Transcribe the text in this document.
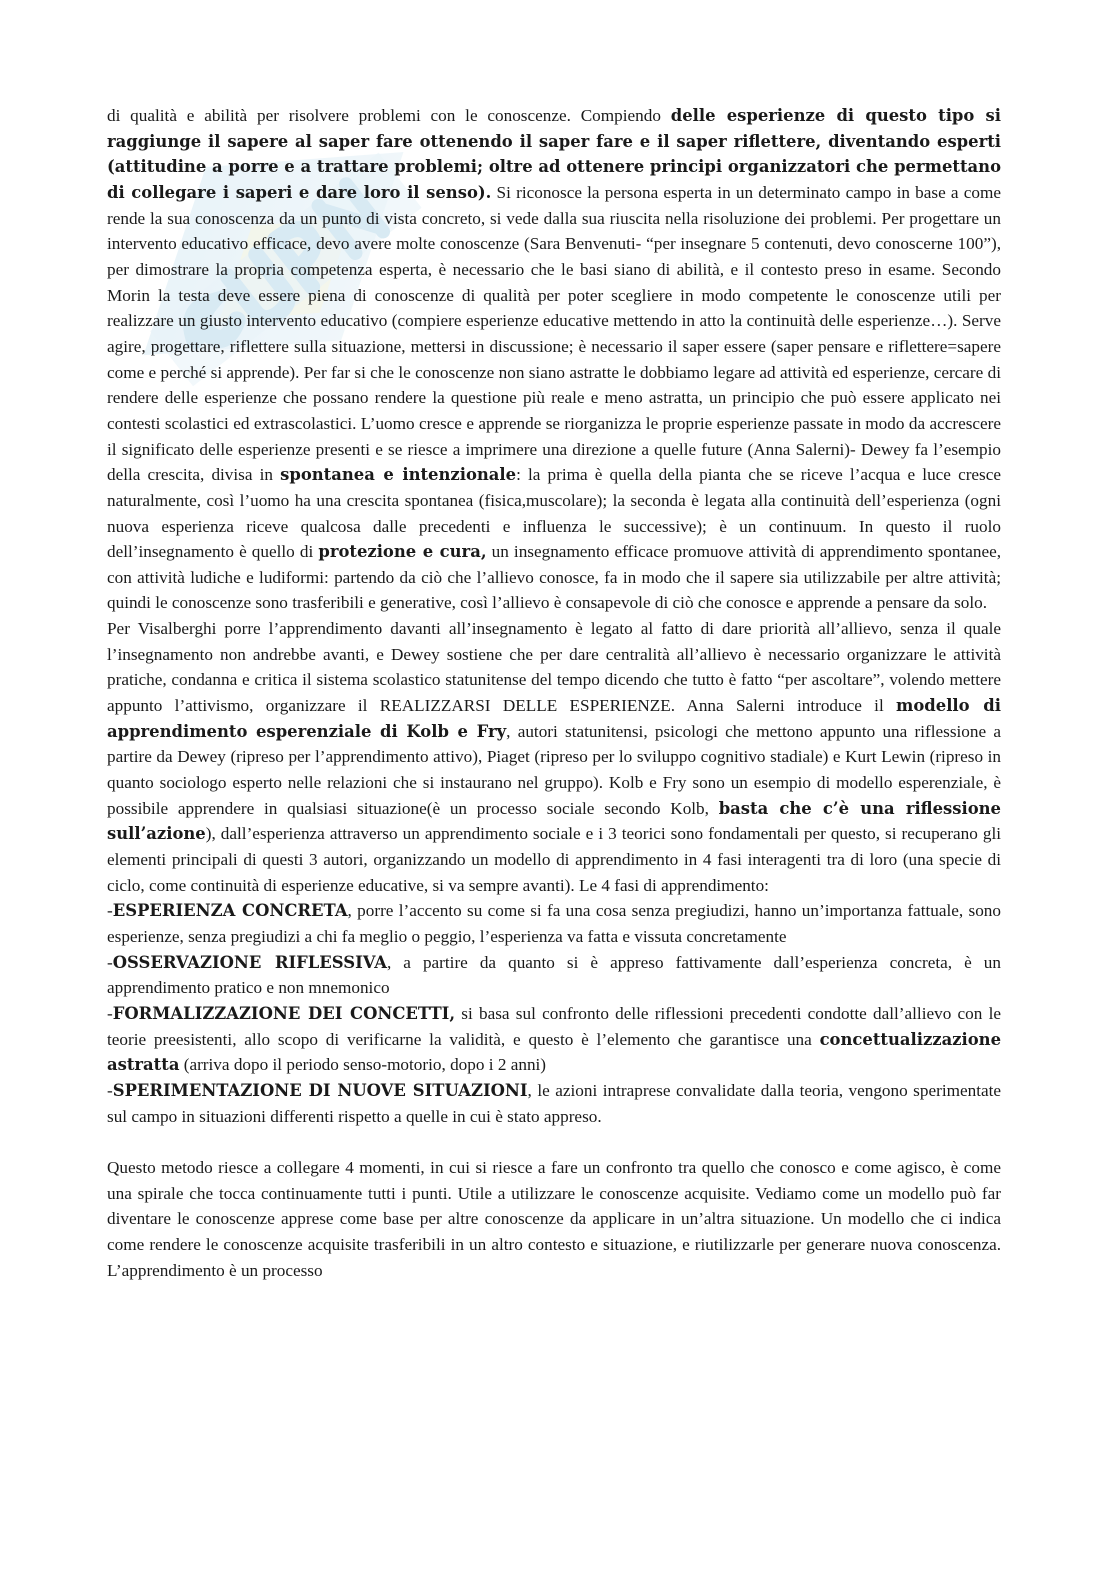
di qualità e abilità per risolvere problemi con le conoscenze. Compiendo delle esperienze di questo tipo si raggiunge il sapere al saper fare ottenendo il saper fare e il saper riflettere, diventando esperti (attitudine a porre e a trattare problemi; oltre ad ottenere principi organizzatori che permettano di collegare i saperi e dare loro il senso). Si riconosce la persona esperta in un determinato campo in base a come rende la sua conoscenza da un punto di vista concreto, si vede dalla sua riuscita nella risoluzione dei problemi. Per progettare un intervento educativo efficace, devo avere molte conoscenze (Sara Benvenuti- “per insegnare 5 contenuti, devo conoscerne 100”), per dimostrare la propria competenza esperta, è necessario che le basi siano di abilità, e il contesto preso in esame. Secondo Morin la testa deve essere piena di conoscenze di qualità per poter scegliere in modo competente le conoscenze utili per realizzare un giusto intervento educativo (compiere esperienze educative mettendo in atto la continuità delle esperienze…). Serve agire, progettare, riflettere sulla situazione, mettersi in discussione; è necessario il saper essere (saper pensare e riflettere=sapere come e perché si apprende). Per far si che le conoscenze non siano astratte le dobbiamo legare ad attività ed esperienze, cercare di rendere delle esperienze che possano rendere la questione più reale e meno astratta, un principio che può essere applicato nei contesti scolastici ed extrascolastici. L’uomo cresce e apprende se riorganizza le proprie esperienze passate in modo da accrescere il significato delle esperienze presenti e se riesce a imprimere una direzione a quelle future (Anna Salerni)- Dewey fa l’esempio della crescita, divisa in spontanea e intenzionale: la prima è quella della pianta che se riceve l’acqua e luce cresce naturalmente, così l’uomo ha una crescita spontanea (fisica,muscolare); la seconda è legata alla continuità dell’esperienza (ogni nuova esperienza riceve qualcosa dalle precedenti e influenza le successive); è un continuum. In questo il ruolo dell’insegnamento è quello di protezione e cura, un insegnamento efficace promuove attività di apprendimento spontanee, con attività ludiche e ludiformi: partendo da ciò che l’allievo conosce, fa in modo che il sapere sia utilizzabile per altre attività; quindi le conoscenze sono trasferibili e generative, così l’allievo è consapevole di ciò che conosce e apprende a pensare da solo.

Per Visalberghi porre l’apprendimento davanti all’insegnamento è legato al fatto di dare priorità all’allievo, senza il quale l’insegnamento non andrebbe avanti, e Dewey sostiene che per dare centralità all’allievo è necessario organizzare le attività pratiche, condanna e critica il sistema scolastico statunitense del tempo dicendo che tutto è fatto “per ascoltare”, volendo mettere appunto l’attivismo, organizzare il REALIZZARSI DELLE ESPERIENZE. Anna Salerni introduce il modello di apprendimento esperenziale di Kolb e Fry, autori statunitensi, psicologi che mettono appunto una riflessione a partire da Dewey (ripreso per l’apprendimento attivo), Piaget (ripreso per lo sviluppo cognitivo stadiale) e Kurt Lewin (ripreso in quanto sociologo esperto nelle relazioni che si instaurano nel gruppo). Kolb e Fry sono un esempio di modello esperenziale, è possibile apprendere in qualsiasi situazione(è un processo sociale secondo Kolb, basta che c’è una riflessione sull’azione), dall’esperienza attraverso un apprendimento sociale e i 3 teorici sono fondamentali per questo, si recuperano gli elementi principali di questi 3 autori, organizzando un modello di apprendimento in 4 fasi interagenti tra di loro (una specie di ciclo, come continuità di esperienze educative, si va sempre avanti). Le 4 fasi di apprendimento:

-ESPERIENZA CONCRETA, porre l’accento su come si fa una cosa senza pregiudizi, hanno un’importanza fattuale, sono esperienze, senza pregiudizi a chi fa meglio o peggio, l’esperienza va fatta e vissuta concretamente

-OSSERVAZIONE RIFLESSIVA, a partire da quanto si è appreso fattivamente dall’esperienza concreta, è un apprendimento pratico e non mnemonico

-FORMALIZZAZIONE DEI CONCETTI, si basa sul confronto delle riflessioni precedenti condotte dall’allievo con le teorie preesistenti, allo scopo di verificarne la validità, e questo è l’elemento che garantisce una concettualizzazione astratta (arriva dopo il periodo senso-motorio, dopo i 2 anni)

-SPERIMENTAZIONE DI NUOVE SITUAZIONI, le azioni intraprese convalidate dalla teoria, vengono sperimentate sul campo in situazioni differenti rispetto a quelle in cui è stato appreso.

Questo metodo riesce a collegare 4 momenti, in cui si riesce a fare un confronto tra quello che conosco e come agisco, è come una spirale che tocca continuamente tutti i punti. Utile a utilizzare le conoscenze acquisite. Vediamo come un modello può far diventare le conoscenze apprese come base per altre conoscenze da applicare in un’altra situazione. Un modello che ci indica come rendere le conoscenze acquisite trasferibili in un altro contesto e situazione, e riutilizzarle per generare nuova conoscenza. L’apprendimento è un processo
